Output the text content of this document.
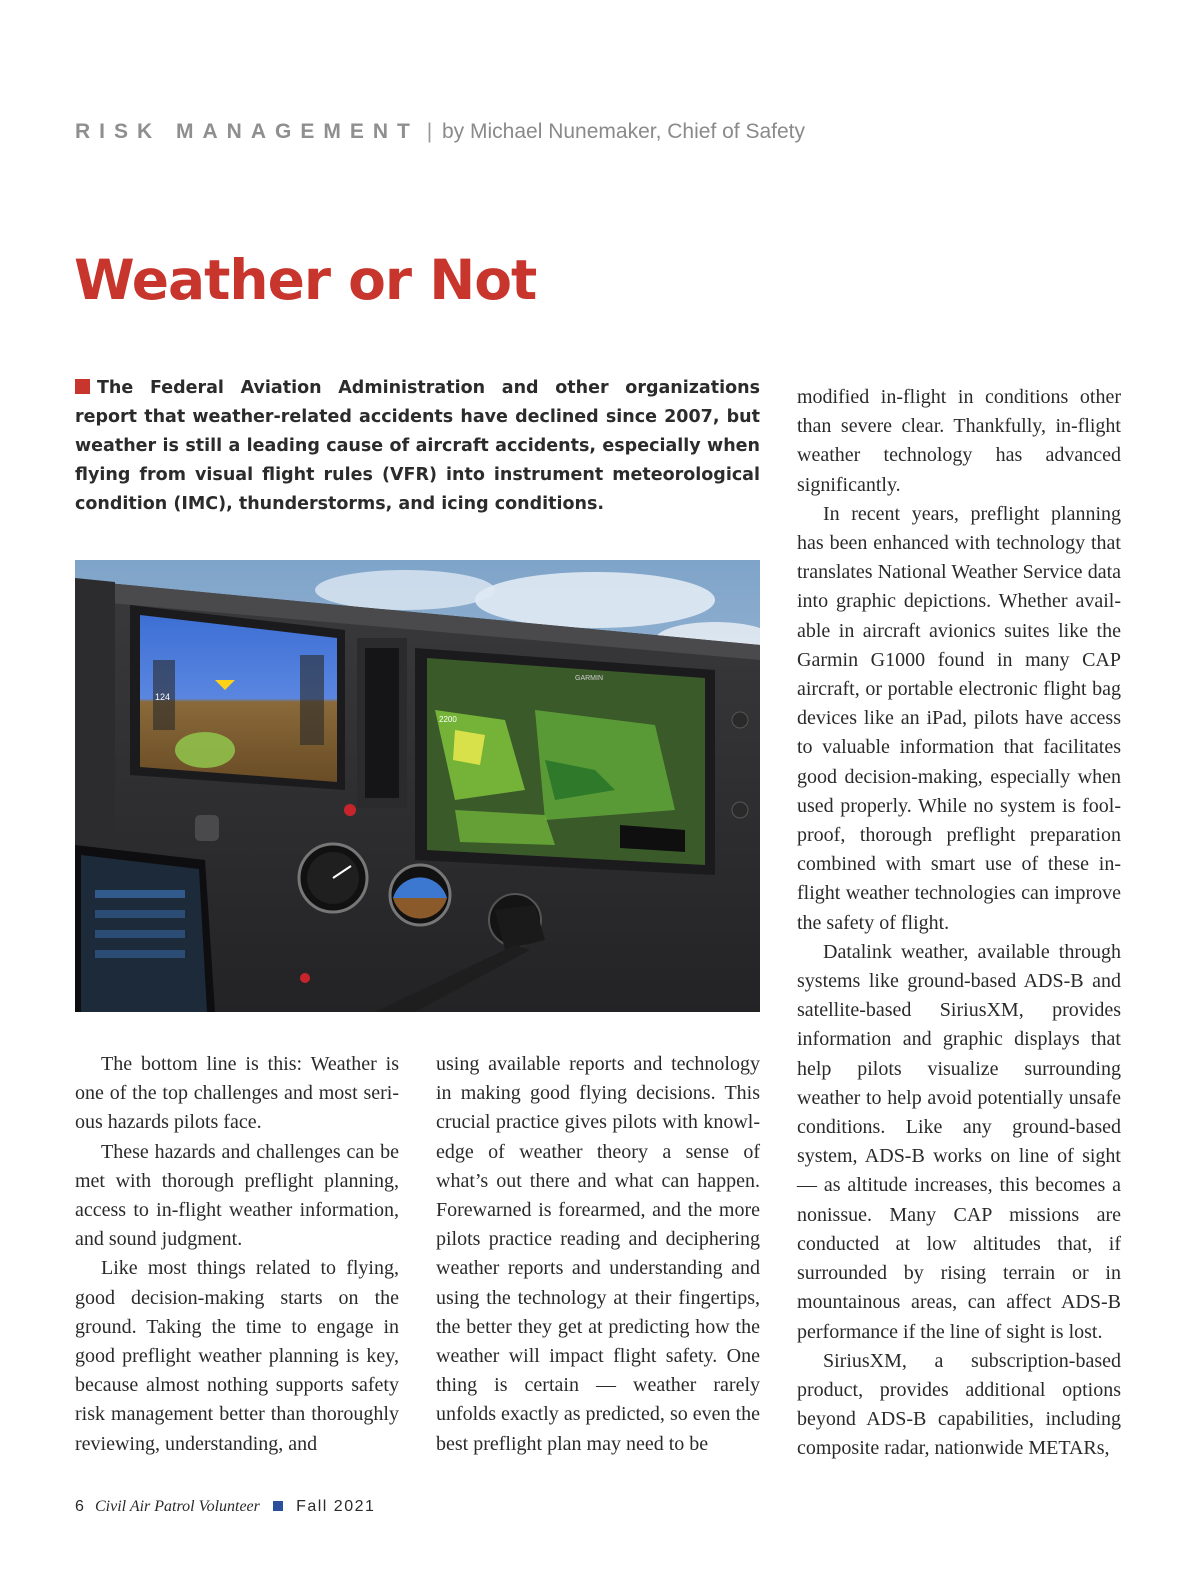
RISK MANAGEMENT | by Michael Nunemaker, Chief of Safety
Weather or Not

The Federal Aviation Administration and other organizations report that weather-related accidents have declined since 2007, but weather is still a leading cause of aircraft accidents, especially when flying from visual flight rules (VFR) into instrument meteorological condition (IMC), thunderstorms, and icing conditions.

124
2200
GARMIN

The bottom line is this: Weather is one of the top challenges and most serious hazards pilots face.

These hazards and challenges can be met with thorough preflight planning, access to in-flight weather information, and sound judgment.

Like most things related to flying, good decision-making starts on the ground. Taking the time to engage in good preflight weather planning is key, because almost nothing supports safety risk management better than thoroughly reviewing, understanding, and

using available reports and technology in making good flying decisions. This crucial practice gives pilots with knowledge of weather theory a sense of what’s out there and what can happen. Forewarned is forearmed, and the more pilots practice reading and deciphering weather reports and understanding and using the technology at their fingertips, the better they get at predicting how the weather will impact flight safety. One thing is certain — weather rarely unfolds exactly as predicted, so even the best preflight plan may need to be

modified in-flight in conditions other than severe clear. Thankfully, in-flight weather technology has advanced significantly.

In recent years, preflight planning has been enhanced with technology that translates National Weather Service data into graphic depictions. Whether available in aircraft avionics suites like the Garmin G1000 found in many CAP aircraft, or portable electronic flight bag devices like an iPad, pilots have access to valuable information that facilitates good decision-making, especially when used properly. While no system is foolproof, thorough preflight preparation combined with smart use of these in-flight weather technologies can improve the safety of flight.

Datalink weather, available through systems like ground-based ADS-B and satellite-based SiriusXM, provides information and graphic displays that help pilots visualize surrounding weather to help avoid potentially unsafe conditions. Like any ground-based system, ADS-B works on line of sight — as altitude increases, this becomes a nonissue. Many CAP missions are conducted at low altitudes that, if surrounded by rising terrain or in mountainous areas, can affect ADS-B performance if the line of sight is lost.

SiriusXM, a subscription-based product, provides additional options beyond ADS-B capabilities, including composite radar, nationwide METARs,

6 Civil Air Patrol Volunteer Fall 2021
